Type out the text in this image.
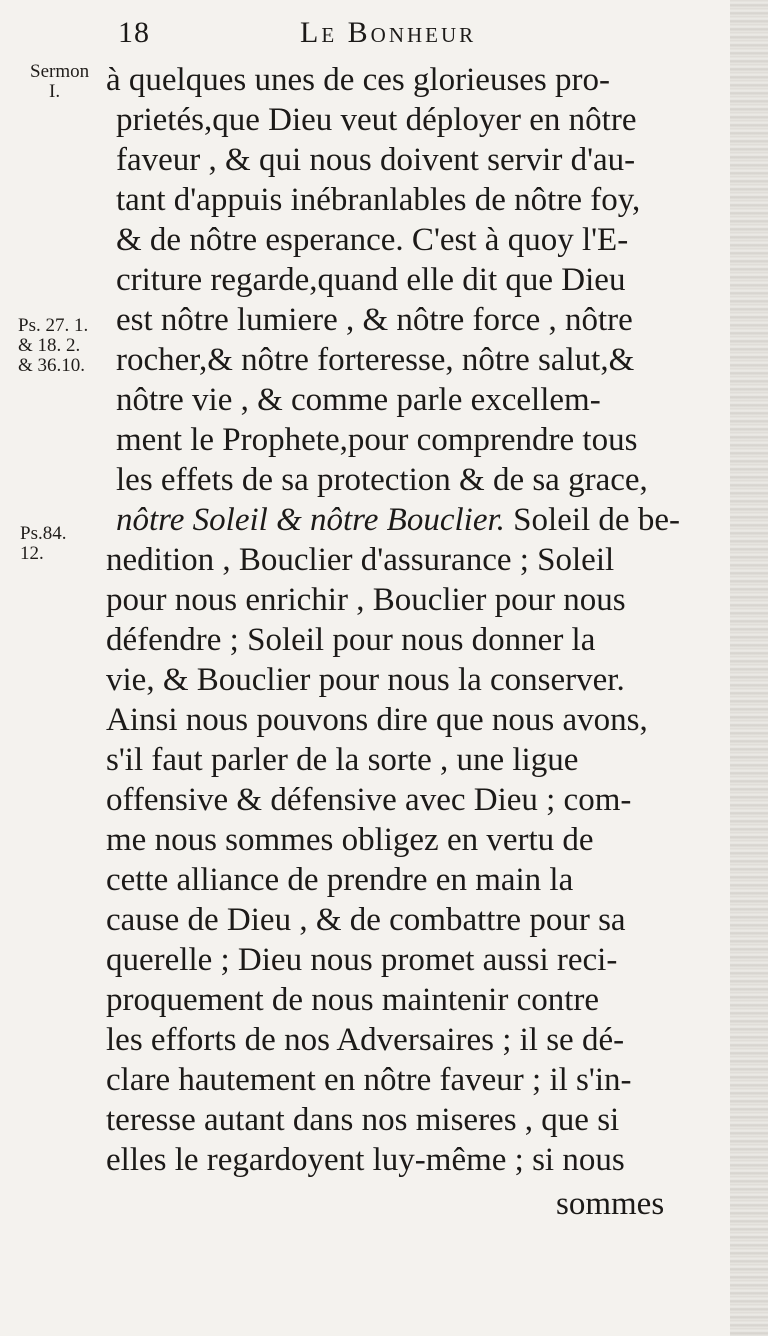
18	Le Bonheur
Sermon
I.
Ps. 27. 1.
& 18. 2.
& 36.10.
Ps.84.
12.
à quelques unes de ces glorieuses pro-
prietés,que Dieu veut déployer en nôtre
faveur , & qui nous doivent servir d'au-
tant d'appuis inébranlables de nôtre foy,
& de nôtre esperance. C'est à quoy l'E-
criture regarde,quand elle dit que Dieu
est nôtre lumiere , & nôtre force , nôtre
rocher,& nôtre forteresse, nôtre salut,&
nôtre vie , & comme parle excellem-
ment le Prophete,pour comprendre tous
les effets de sa protection & de sa grace,
nôtre Soleil & nôtre Bouclier. Soleil de be-
nedition , Bouclier d'assurance ; Soleil
pour nous enrichir , Bouclier pour nous
défendre ; Soleil pour nous donner la
vie, & Bouclier pour nous la conserver.
Ainsi nous pouvons dire que nous avons,
s'il faut parler de la sorte , une ligue
offensive & défensive avec Dieu ; com-
me nous sommes obligez en vertu de
cette alliance de prendre en main la
cause de Dieu , & de combattre pour sa
querelle ; Dieu nous promet aussi reci-
proquement de nous maintenir contre
les efforts de nos Adversaires ; il se dé-
clare hautement en nôtre faveur ; il s'in-
teresse autant dans nos miseres , que si
elles le regardoyent luy-même ; si nous
sommes
